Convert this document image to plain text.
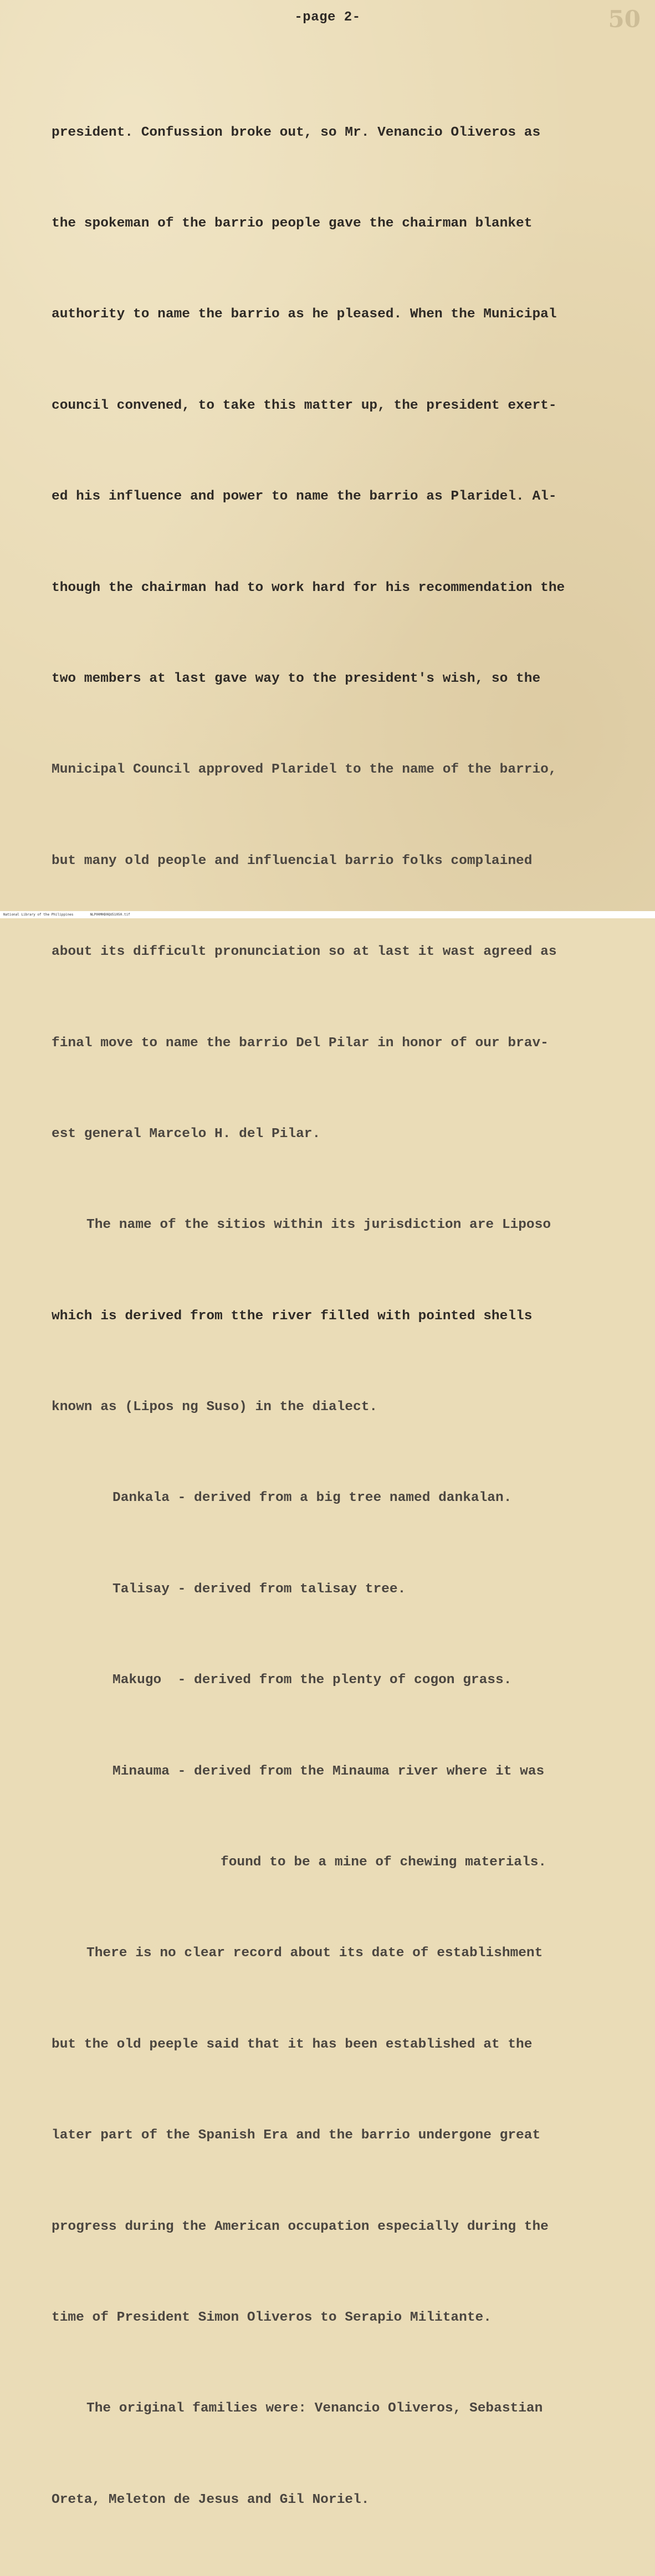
-page 2-	50

president. Confussion broke out, so Mr. Venancio Oliveros as

the spokeman of the barrio people gave the chairman blanket

authority to name the barrio as he pleased. When the Municipal

council convened, to take this matter up, the president exert-

ed his influence and power to name the barrio as Plaridel. Al-

though the chairman had to work hard for his recommendation the

two members at last gave way to the president's wish, so the

Municipal Council approved Plaridel to the name of the barrio,

but many old people and influencial barrio folks complained

about its difficult pronunciation so at last it wast agreed as

final move to name the barrio Del Pilar in honor of our brav-

est general Marcelo H. del Pilar.

The name of the sitios within its jurisdiction are Liposo

which is derived from tthe river filled with pointed shells

known as (Lipos ng Suso) in the dialect.

Dankala - derived from a big tree named dankalan.

Talisay - derived from talisay tree.

Makugo  - derived from the plenty of cogon grass.

Minauma - derived from the Minauma river where it was

found to be a mine of chewing materials.

There is no clear record about its date of establishment

but the old peeple said that it has been established at the

later part of the Spanish Era and the barrio undergone great

progress during the American occupation especially during the

time of President Simon Oliveros to Serapio Militante.

The original families were: Venancio Oliveros, Sebastian

Oreta, Meleton de Jesus and Gil Noriel.

National Library of the Philippines	NLP00MHD0QU51050.tif
